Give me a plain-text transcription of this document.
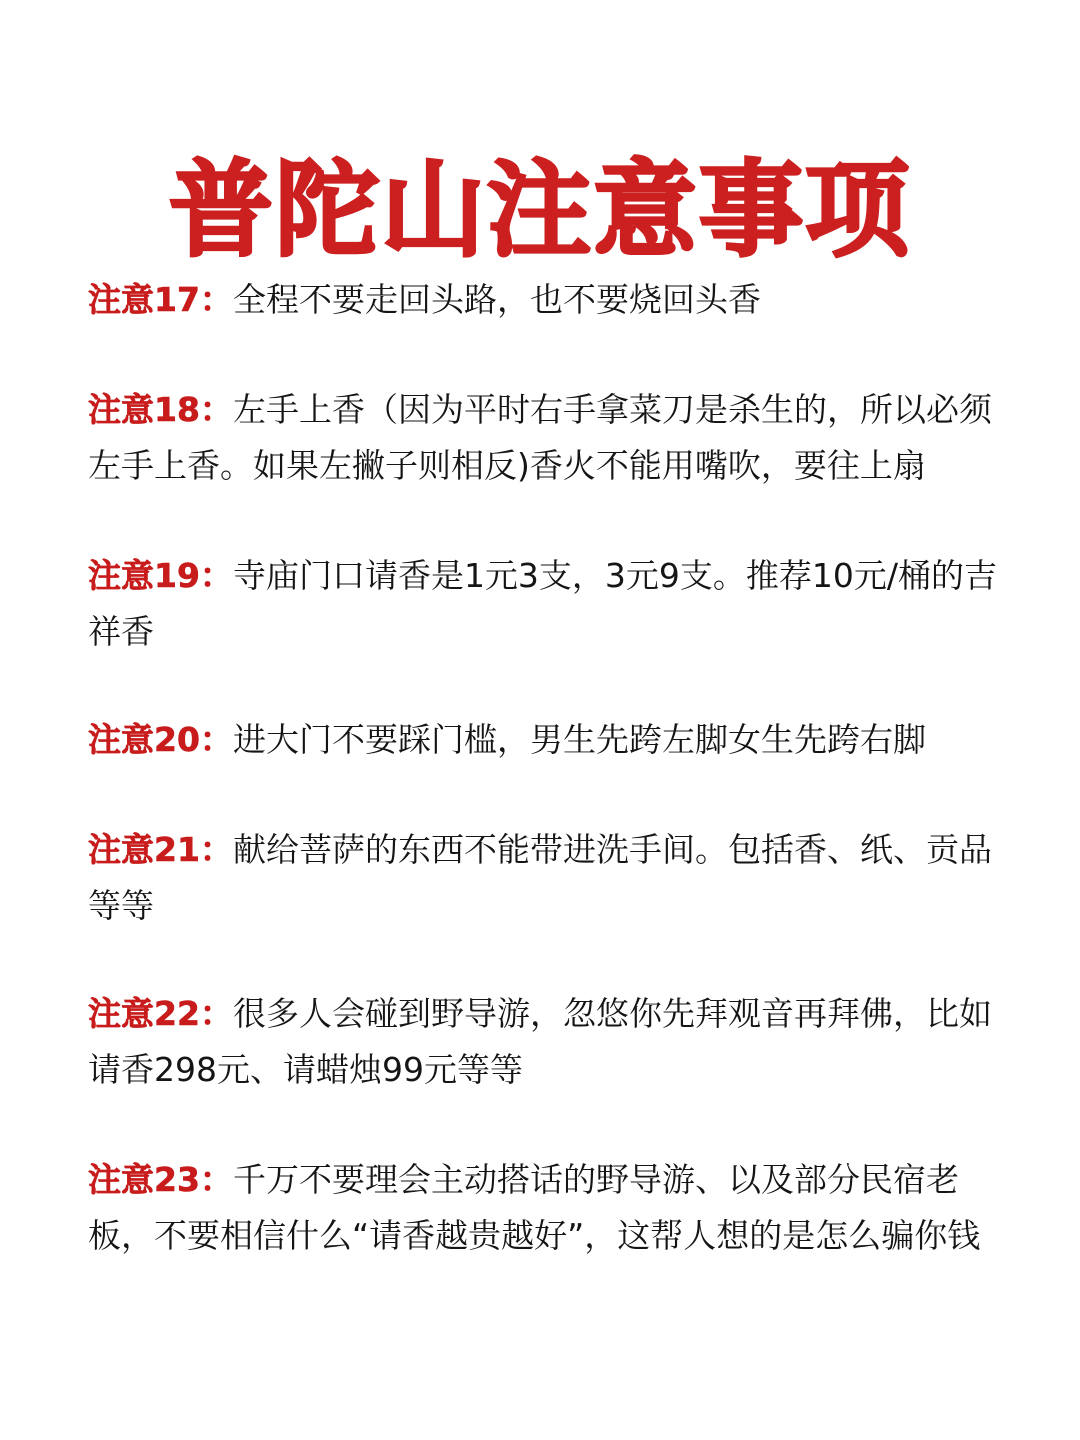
普陀山注意事项

注意17：全程不要走回头路，也不要烧回头香

注意18：左手上香（因为平时右手拿菜刀是杀生的，所以必须左手上香。如果左撇子则相反)香火不能用嘴吹，要往上扇

注意19：寺庙门口请香是1元3支，3元9支。推荐10元/桶的吉祥香

注意20：进大门不要踩门槛，男生先跨左脚女生先跨右脚

注意21：献给菩萨的东西不能带进洗手间。包括香、纸、贡品等等

注意22：很多人会碰到野导游，忽悠你先拜观音再拜佛，比如请香298元、请蜡烛99元等等

注意23：千万不要理会主动搭话的野导游、以及部分民宿老板，不要相信什么“请香越贵越好”，这帮人想的是怎么骗你钱
